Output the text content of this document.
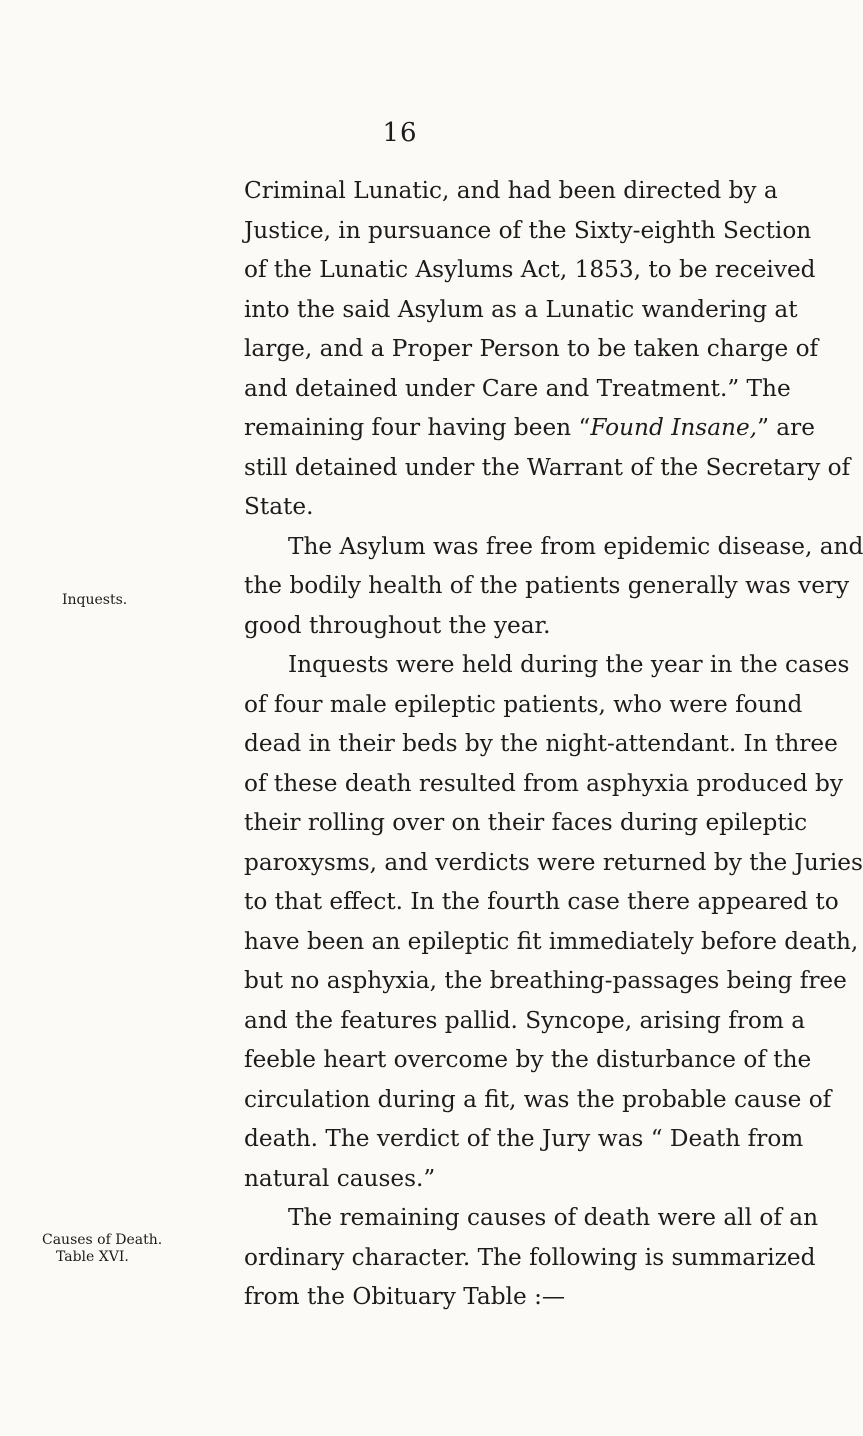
16
Inquests.
Causes of Death.
Table XVI.
Criminal Lunatic, and had been directed by a
Justice, in pursuance of the Sixty-eighth Section
of the Lunatic Asylums Act, 1853, to be received
into the said Asylum as a Lunatic wandering at
large, and a Proper Person to be taken charge of
and detained under Care and Treatment.” The
remaining four having been “Found Insane,” are
still detained under the Warrant of the Secretary of
State.
The Asylum was free from epidemic disease, and
the bodily health of the patients generally was very
good throughout the year.
Inquests were held during the year in the cases
of four male epileptic patients, who were found
dead in their beds by the night-attendant. In three
of these death resulted from asphyxia produced by
their rolling over on their faces during epileptic
paroxysms, and verdicts were returned by the Juries
to that effect. In the fourth case there appeared to
have been an epileptic fit immediately before death,
but no asphyxia, the breathing-passages being free
and the features pallid. Syncope, arising from a
feeble heart overcome by the disturbance of the
circulation during a fit, was the probable cause of
death. The verdict of the Jury was “ Death from
natural causes.”
The remaining causes of death were all of an
ordinary character. The following is summarized
from the Obituary Table :—
